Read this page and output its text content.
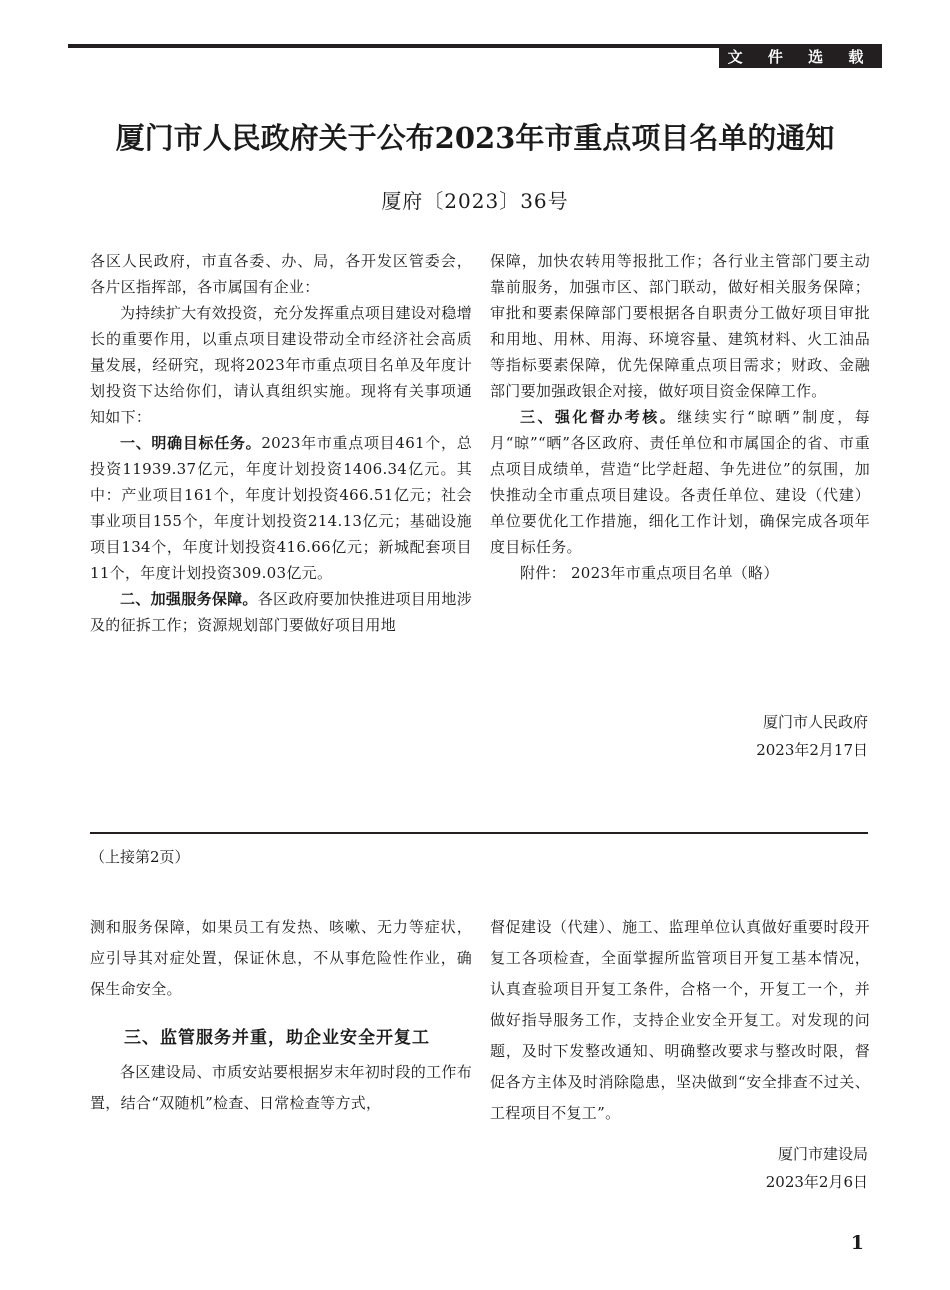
文 件 选 载
厦门市人民政府关于公布2023年市重点项目名单的通知
厦府〔2023〕36号

各区人民政府，市直各委、办、局，各开发区管委会，各片区指挥部，各市属国有企业：

为持续扩大有效投资，充分发挥重点项目建设对稳增长的重要作用，以重点项目建设带动全市经济社会高质量发展，经研究，现将2023年市重点项目名单及年度计划投资下达给你们，请认真组织实施。现将有关事项通知如下：

一、明确目标任务。2023年市重点项目461个，总投资11939.37亿元，年度计划投资1406.34亿元。其中：产业项目161个，年度计划投资466.51亿元；社会事业项目155个，年度计划投资214.13亿元；基础设施项目134个，年度计划投资416.66亿元；新城配套项目11个，年度计划投资309.03亿元。

二、加强服务保障。各区政府要加快推进项目用地涉及的征拆工作；资源规划部门要做好项目用地

保障，加快农转用等报批工作；各行业主管部门要主动靠前服务，加强市区、部门联动，做好相关服务保障；审批和要素保障部门要根据各自职责分工做好项目审批和用地、用林、用海、环境容量、建筑材料、火工油品等指标要素保障，优先保障重点项目需求；财政、金融部门要加强政银企对接，做好项目资金保障工作。

三、强化督办考核。继续实行“晾晒”制度，每月“晾”“晒”各区政府、责任单位和市属国企的省、市重点项目成绩单，营造“比学赶超、争先进位”的氛围，加快推动全市重点项目建设。各责任单位、建设（代建）单位要优化工作措施，细化工作计划，确保完成各项年度目标任务。

附件： 2023年市重点项目名单（略）

厦门市人民政府
2023年2月17日
（上接第2页）

测和服务保障，如果员工有发热、咳嗽、无力等症状，应引导其对症处置，保证休息，不从事危险性作业，确保生命安全。

三、监管服务并重，助企业安全开复工

各区建设局、市质安站要根据岁末年初时段的工作布置，结合“双随机”检查、日常检查等方式，

督促建设（代建）、施工、监理单位认真做好重要时段开复工各项检查，全面掌握所监管项目开复工基本情况，认真查验项目开复工条件，合格一个，开复工一个，并做好指导服务工作，支持企业安全开复工。对发现的问题，及时下发整改通知、明确整改要求与整改时限，督促各方主体及时消除隐患，坚决做到“安全排查不过关、工程项目不复工”。

厦门市建设局
2023年2月6日
1
